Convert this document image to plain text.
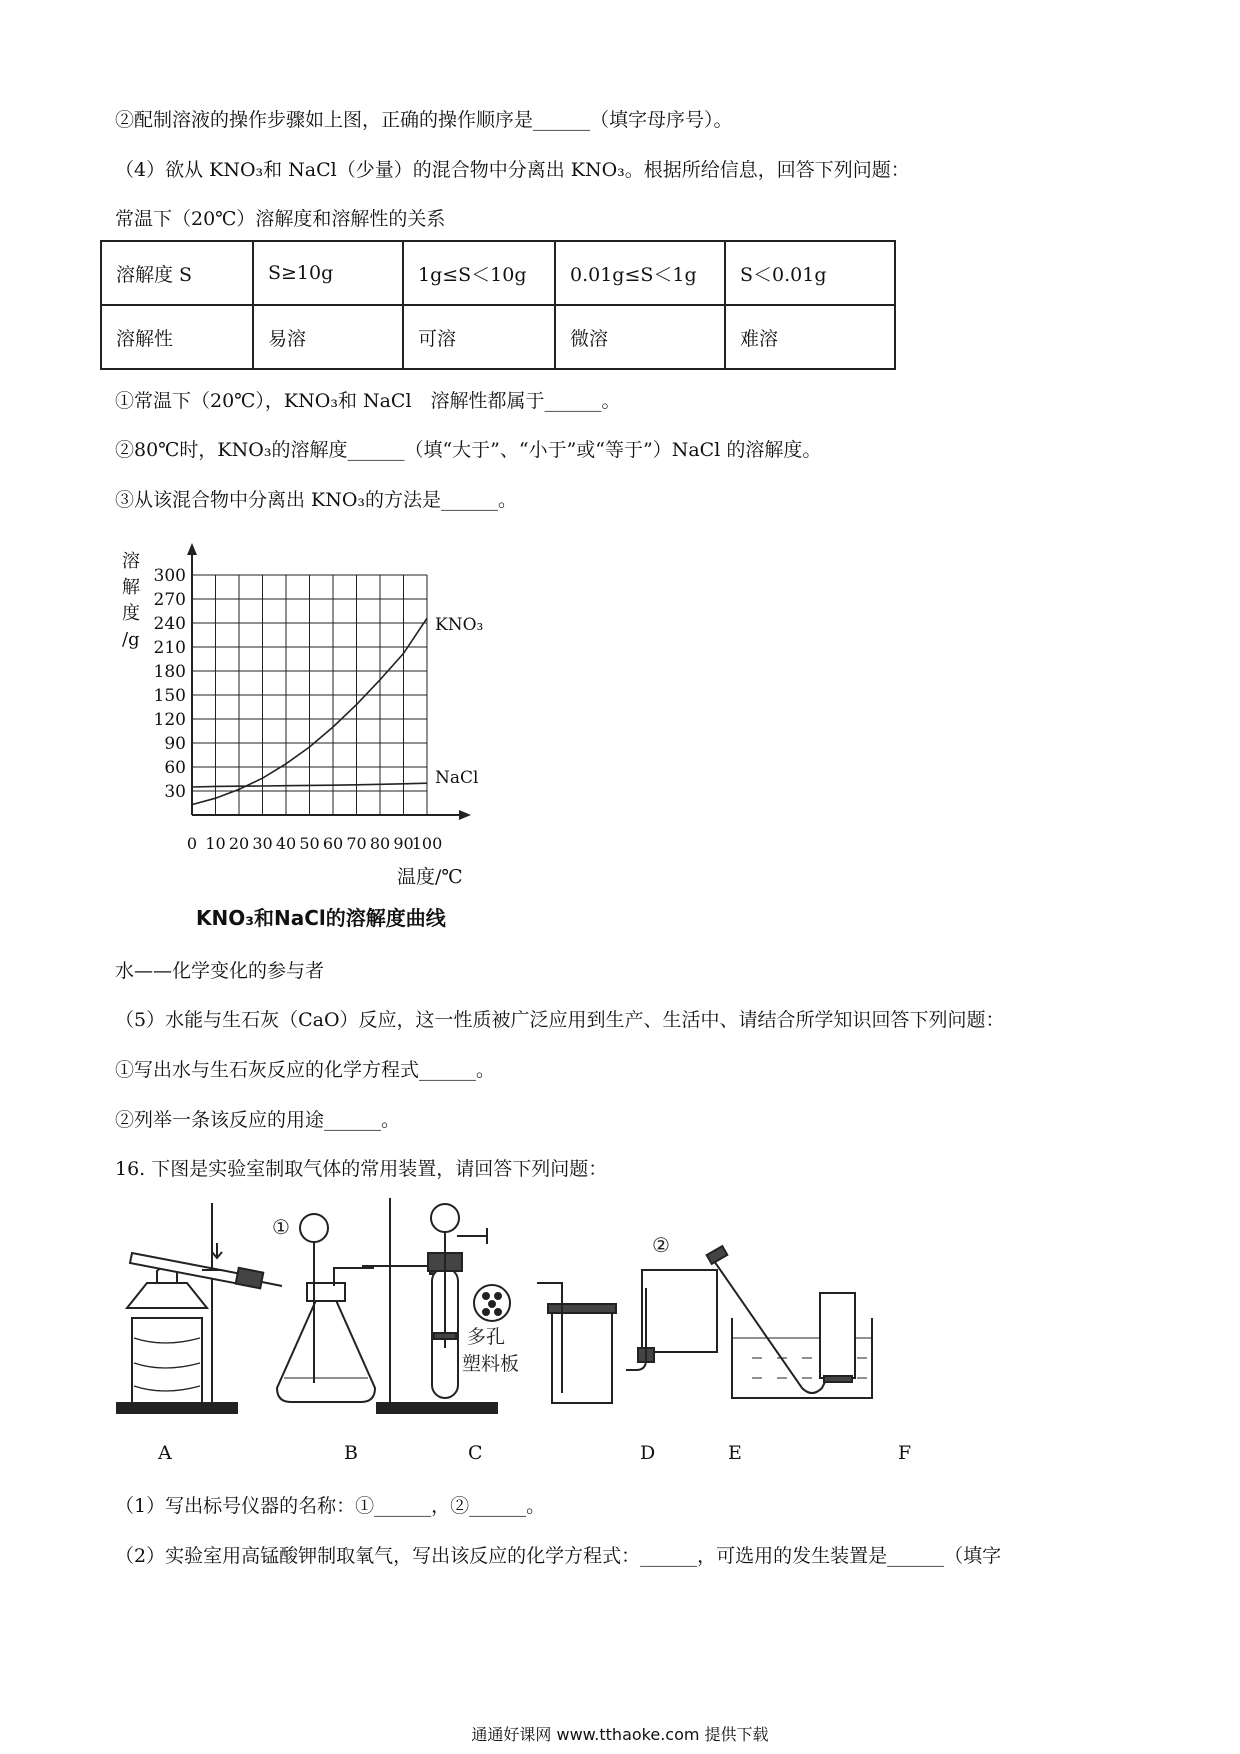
②配制溶液的操作步骤如上图，正确的操作顺序是______（填字母序号）。
（4）欲从 KNO₃和 NaCl（少量）的混合物中分离出 KNO₃。根据所给信息，回答下列问题：
常温下（20℃）溶解度和溶解性的关系
溶解度 S	S≥10g	1g≤S＜10g	0.01g≤S＜1g	S＜0.01g
溶解性	易溶	可溶	微溶	难溶
①常温下（20℃），KNO₃和 NaCl　溶解性都属于______。
②80℃时，KNO₃的溶解度______（填“大于”、“小于”或“等于”）NaCl 的溶解度。
③从该混合物中分离出 KNO₃的方法是______。
30
60
90
120
150
180
210
240
270
300
0 10 20 30 40 50 60 70 80 90
100
溶
解
度
/g
温度/℃
KNO₃
NaCl
KNO₃和NaCl的溶解度曲线
水——化学变化的参与者
（5）水能与生石灰（CaO）反应，这一性质被广泛应用到生产、生活中、请结合所学知识回答下列问题：
①写出水与生石灰反应的化学方程式______。
②列举一条该反应的用途______。
16. 下图是实验室制取气体的常用装置，请回答下列问题：
多孔
塑料板
①
②
A	B	C	D	E	F
（1）写出标号仪器的名称：①______，②______。
（2）实验室用高锰酸钾制取氧气，写出该反应的化学方程式：______，可选用的发生装置是______（填字
通通好课网 www.tthaoke.com 提供下载
